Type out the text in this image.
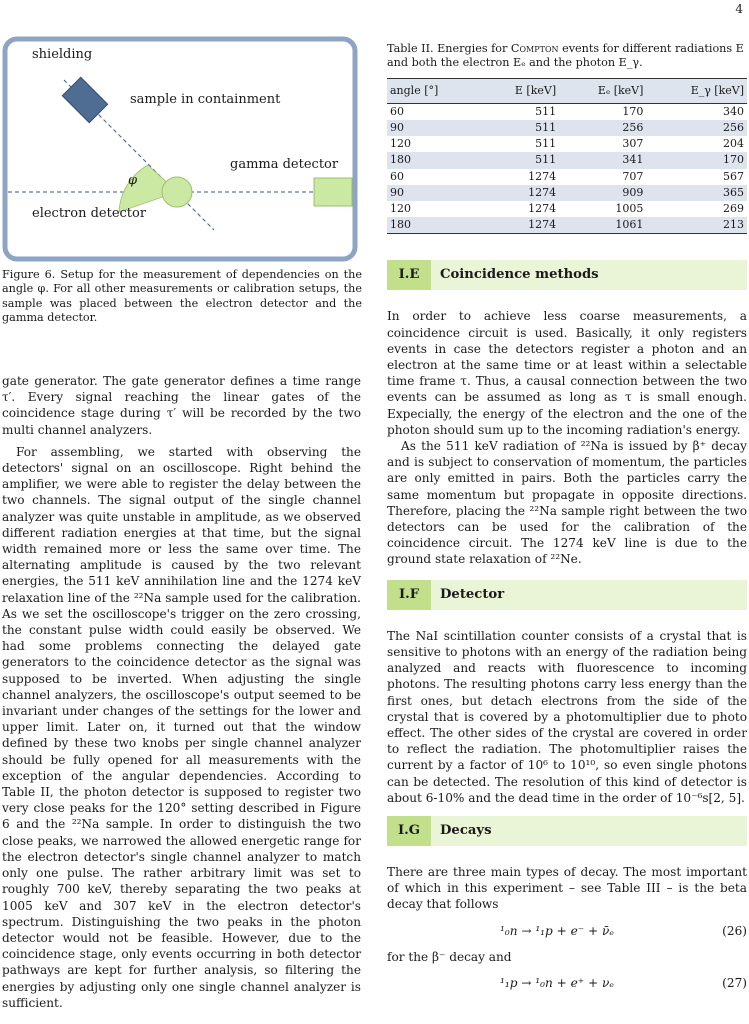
4
shielding
sample in containment
gamma detector
electron detector
φ
Figure 6. Setup for the measurement of dependencies on the angle φ. For all other measurements or calibration setups, the sample was placed between the electron detector and the gamma detector.

gate generator. The gate generator defines a time range τ′. Every signal reaching the linear gates of the coincidence stage during τ′ will be recorded by the two multi channel analyzers.

For assembling, we started with observing the detectors' signal on an oscilloscope. Right behind the amplifier, we were able to register the delay between the two channels. The signal output of the single channel analyzer was quite unstable in amplitude, as we observed different radiation energies at that time, but the signal width remained more or less the same over time. The alternating amplitude is caused by the two relevant energies, the 511 keV annihilation line and the 1274 keV relaxation line of the ²²Na sample used for the calibration. As we set the oscilloscope's trigger on the zero crossing, the constant pulse width could easily be observed. We had some problems connecting the delayed gate generators to the coincidence detector as the signal was supposed to be inverted. When adjusting the single channel analyzers, the oscilloscope's output seemed to be invariant under changes of the settings for the lower and upper limit. Later on, it turned out that the window defined by these two knobs per single channel analyzer should be fully opened for all measurements with the exception of the angular dependencies. According to Table II, the photon detector is supposed to register two very close peaks for the 120° setting described in Figure 6 and the ²²Na sample. In order to distinguish the two close peaks, we narrowed the allowed energetic range for the electron detector's single channel analyzer to match only one pulse. The rather arbitrary limit was set to roughly 700 keV, thereby separating the two peaks at 1005 keV and 307 keV in the electron detector's spectrum. Distinguishing the two peaks in the photon detector would not be feasible. However, due to the coincidence stage, only events occurring in both detector pathways are kept for further analysis, so filtering the energies by adjusting only one single channel analyzer is sufficient.

Table II. Energies for Compton events for different radiations E and both the electron Eₑ and the photon E_γ.

angle [°]	E [keV]	Eₑ [keV]	E_γ [keV]
60	511	170	340
90	511	256	256
120	511	307	204
180	511	341	170
60	1274	707	567
90	1274	909	365
120	1274	1005	269
180	1274	1061	213
I.E	Coincidence methods

In order to achieve less coarse measurements, a coincidence circuit is used. Basically, it only registers events in case the detectors register a photon and an electron at the same time or at least within a selectable time frame τ. Thus, a causal connection between the two events can be assumed as long as τ is small enough. Expecially, the energy of the electron and the one of the photon should sum up to the incoming radiation's energy.

As the 511 keV radiation of ²²Na is issued by β⁺ decay and is subject to conservation of momentum, the particles are only emitted in pairs. Both the particles carry the same momentum but propagate in opposite directions. Therefore, placing the ²²Na sample right between the two detectors can be used for the calibration of the coincidence circuit. The 1274 keV line is due to the ground state relaxation of ²²Ne.

I.F	Detector

The NaI scintillation counter consists of a crystal that is sensitive to photons with an energy of the radiation being analyzed and reacts with fluorescence to incoming photons. The resulting photons carry less energy than the first ones, but detach electrons from the side of the crystal that is covered by a photomultiplier due to photo effect. The other sides of the crystal are covered in order to reflect the radiation. The photomultiplier raises the current by a factor of 10⁶ to 10¹⁰, so even single photons can be detected. The resolution of this kind of detector is about 6-10% and the dead time in the order of 10⁻⁶s[2, 5].

I.G	Decays

There are three main types of decay. The most important of which in this experiment – see Table III – is the beta decay that follows

¹₀n → ¹₁p + e⁻ + ν̄ₑ	(26)

for the β⁻ decay and

¹₁p → ¹₀n + e⁺ + νₑ	(27)
